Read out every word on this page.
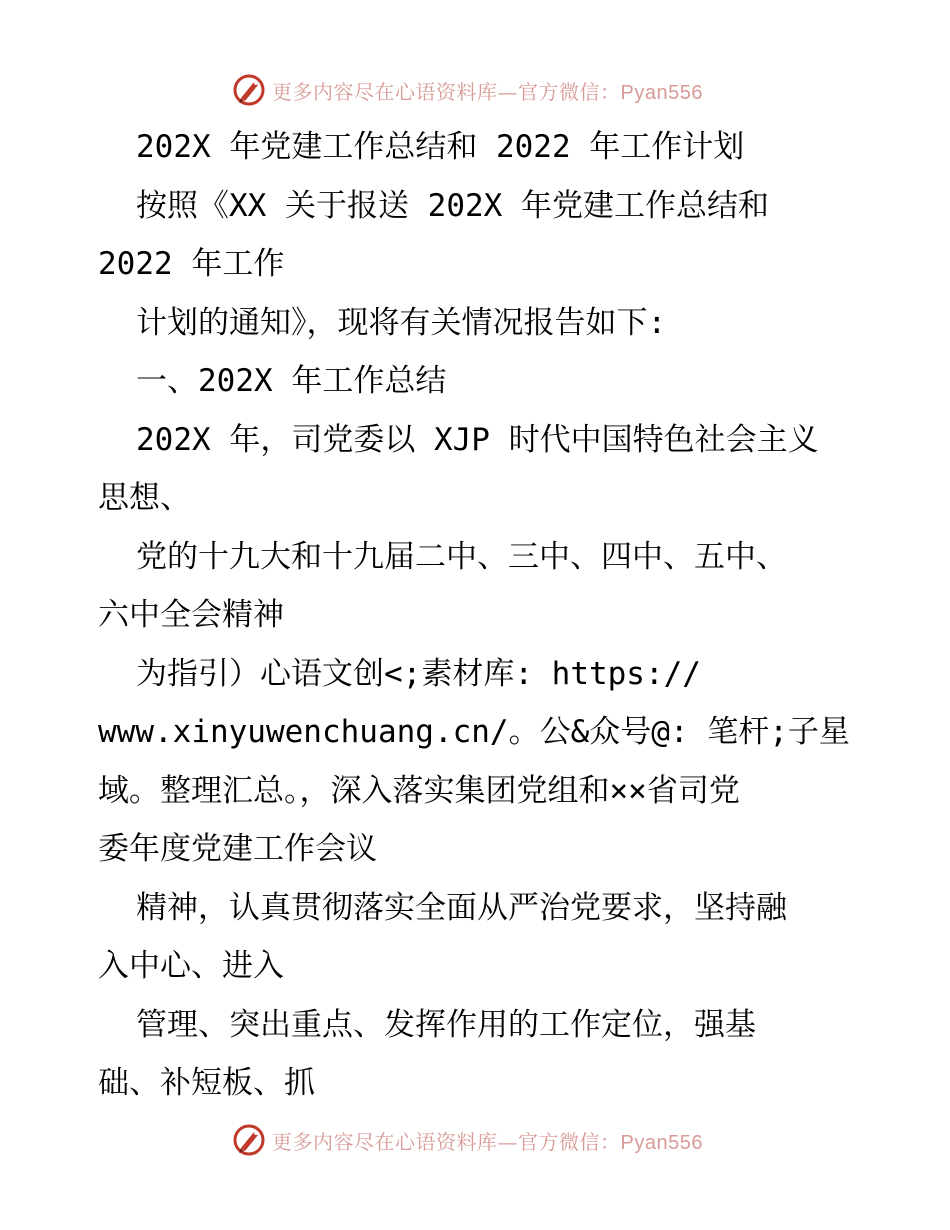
更多内容尽在心语资料库—官方微信：Pyan556
202X 年党建工作总结和 2022 年工作计划
按照《XX 关于报送 202X 年党建工作总结和
2022 年工作
计划的通知》，现将有关情况报告如下:
一、202X 年工作总结
202X 年，司党委以 XJP 时代中国特色社会主义
思想、
党的十九大和十九届二中、三中、四中、五中、
六中全会精神
为指引）心语文创<;素材库: https://
www.xinyuwenchuang.cn/。公&众号@: 笔杆;子星
域。整理汇总。，深入落实集团党组和××省司党
委年度党建工作会议
精神，认真贯彻落实全面从严治党要求，坚持融
入中心、进入
管理、突出重点、发挥作用的工作定位，强基
础、补短板、抓
更多内容尽在心语资料库—官方微信：Pyan556
